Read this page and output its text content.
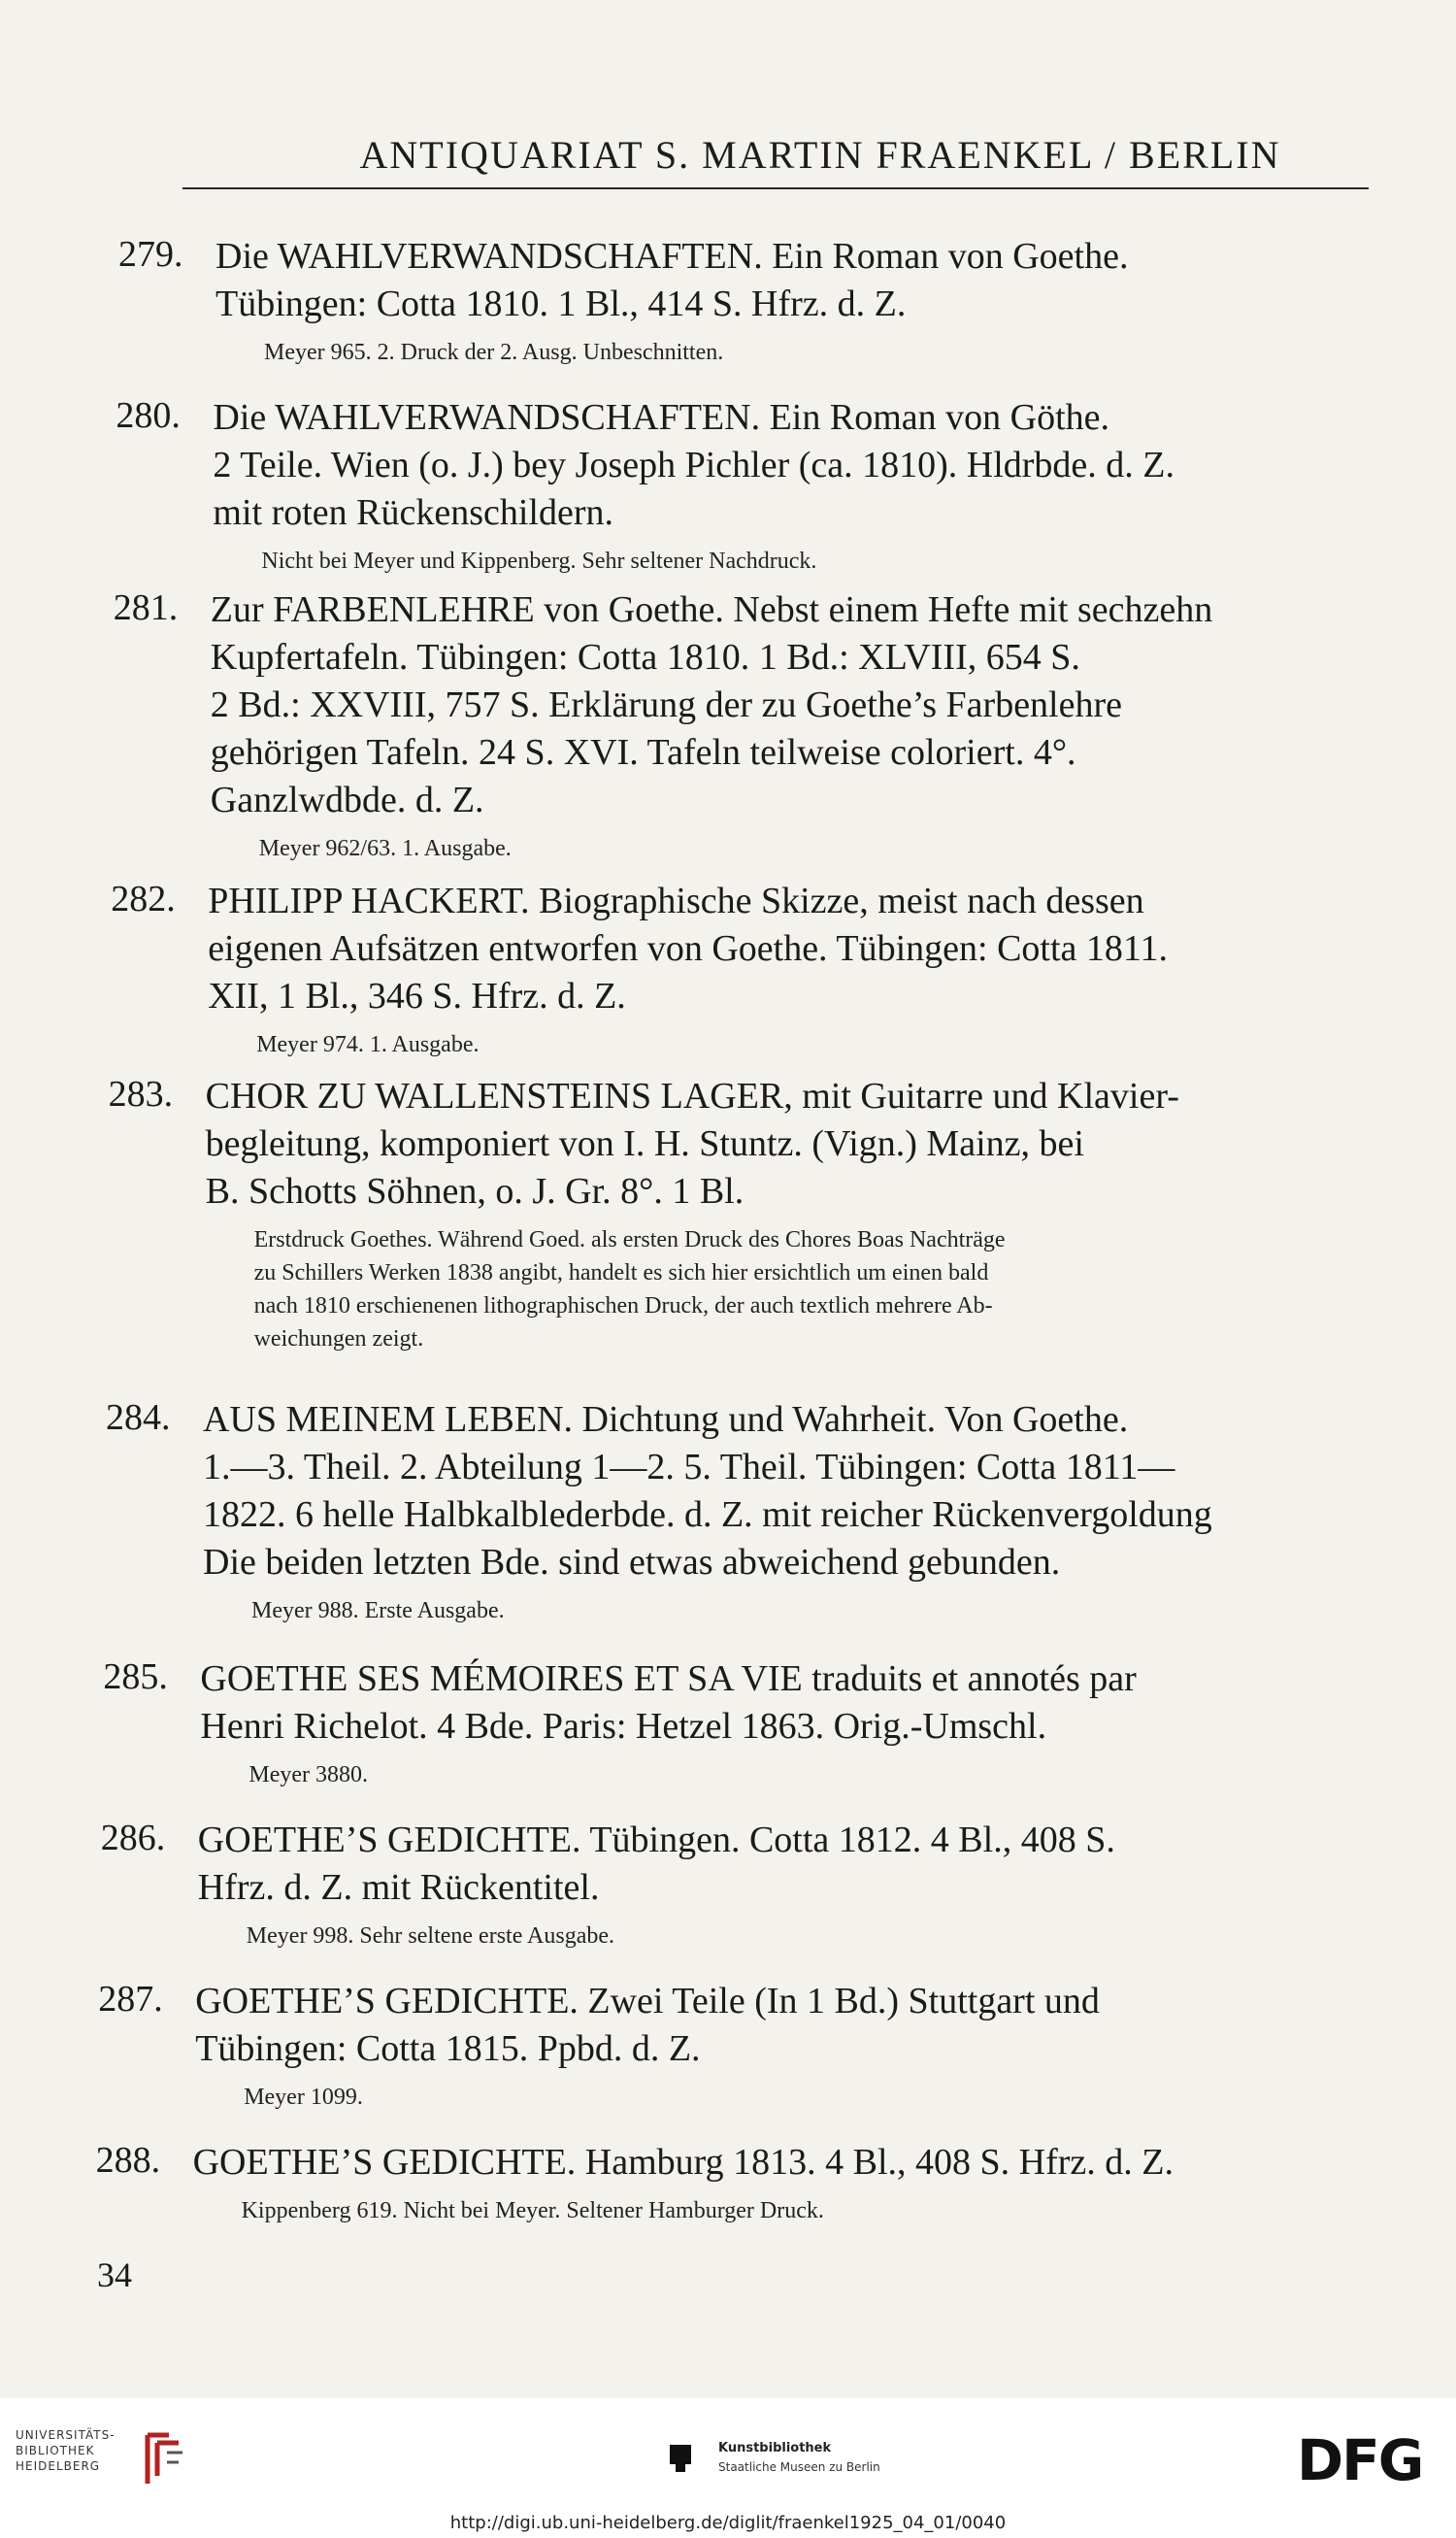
ANTIQUARIAT S. MARTIN FRAENKEL / BERLIN
279. Die WAHLVERWANDSCHAFTEN. Ein Roman von Goethe.
Tübingen: Cotta 1810. 1 Bl., 414 S. Hfrz. d. Z.
Meyer 965. 2. Druck der 2. Ausg. Unbeschnitten.
280. Die WAHLVERWANDSCHAFTEN. Ein Roman von Göthe.
2 Teile. Wien (o. J.) bey Joseph Pichler (ca. 1810). Hldrbde. d. Z.
mit roten Rückenschildern.
Nicht bei Meyer und Kippenberg. Sehr seltener Nachdruck.
281. Zur FARBENLEHRE von Goethe. Nebst einem Hefte mit sechzehn
Kupfertafeln. Tübingen: Cotta 1810. 1 Bd.: XLVIII, 654 S.
2 Bd.: XXVIII, 757 S. Erklärung der zu Goethe’s Farbenlehre
gehörigen Tafeln. 24 S. XVI. Tafeln teilweise coloriert. 4°.
Ganzlwdbde. d. Z.
Meyer 962/63. 1. Ausgabe.
282. PHILIPP HACKERT. Biographische Skizze, meist nach dessen
eigenen Aufsätzen entworfen von Goethe. Tübingen: Cotta 1811.
XII, 1 Bl., 346 S. Hfrz. d. Z.
Meyer 974. 1. Ausgabe.
283. CHOR ZU WALLENSTEINS LAGER, mit Guitarre und Klavier-
begleitung, komponiert von I. H. Stuntz. (Vign.) Mainz, bei
B. Schotts Söhnen, o. J. Gr. 8°. 1 Bl.
Erstdruck Goethes. Während Goed. als ersten Druck des Chores Boas Nachträge
zu Schillers Werken 1838 angibt, handelt es sich hier ersichtlich um einen bald
nach 1810 erschienenen lithographischen Druck, der auch textlich mehrere Ab-
weichungen zeigt.
284. AUS MEINEM LEBEN. Dichtung und Wahrheit. Von Goethe.
1.—3. Theil. 2. Abteilung 1—2. 5. Theil. Tübingen: Cotta 1811—
1822. 6 helle Halbkalblederbde. d. Z. mit reicher Rückenvergoldung
Die beiden letzten Bde. sind etwas abweichend gebunden.
Meyer 988. Erste Ausgabe.
285. GOETHE SES MÉMOIRES ET SA VIE traduits et annotés par
Henri Richelot. 4 Bde. Paris: Hetzel 1863. Orig.-Umschl.
Meyer 3880.
286. GOETHE’S GEDICHTE. Tübingen. Cotta 1812. 4 Bl., 408 S.
Hfrz. d. Z. mit Rückentitel.
Meyer 998. Sehr seltene erste Ausgabe.
287. GOETHE’S GEDICHTE. Zwei Teile (In 1 Bd.) Stuttgart und
Tübingen: Cotta 1815. Ppbd. d. Z.
Meyer 1099.
288. GOETHE’S GEDICHTE. Hamburg 1813. 4 Bl., 408 S. Hfrz. d. Z.
Kippenberg 619. Nicht bei Meyer. Seltener Hamburger Druck.
34
UNIVERSITÄTS-
BIBLIOTHEK
HEIDELBERG
Kunstbibliothek
Staatliche Museen zu Berlin	DFG
http://digi.ub.uni-heidelberg.de/diglit/fraenkel1925_04_01/0040
